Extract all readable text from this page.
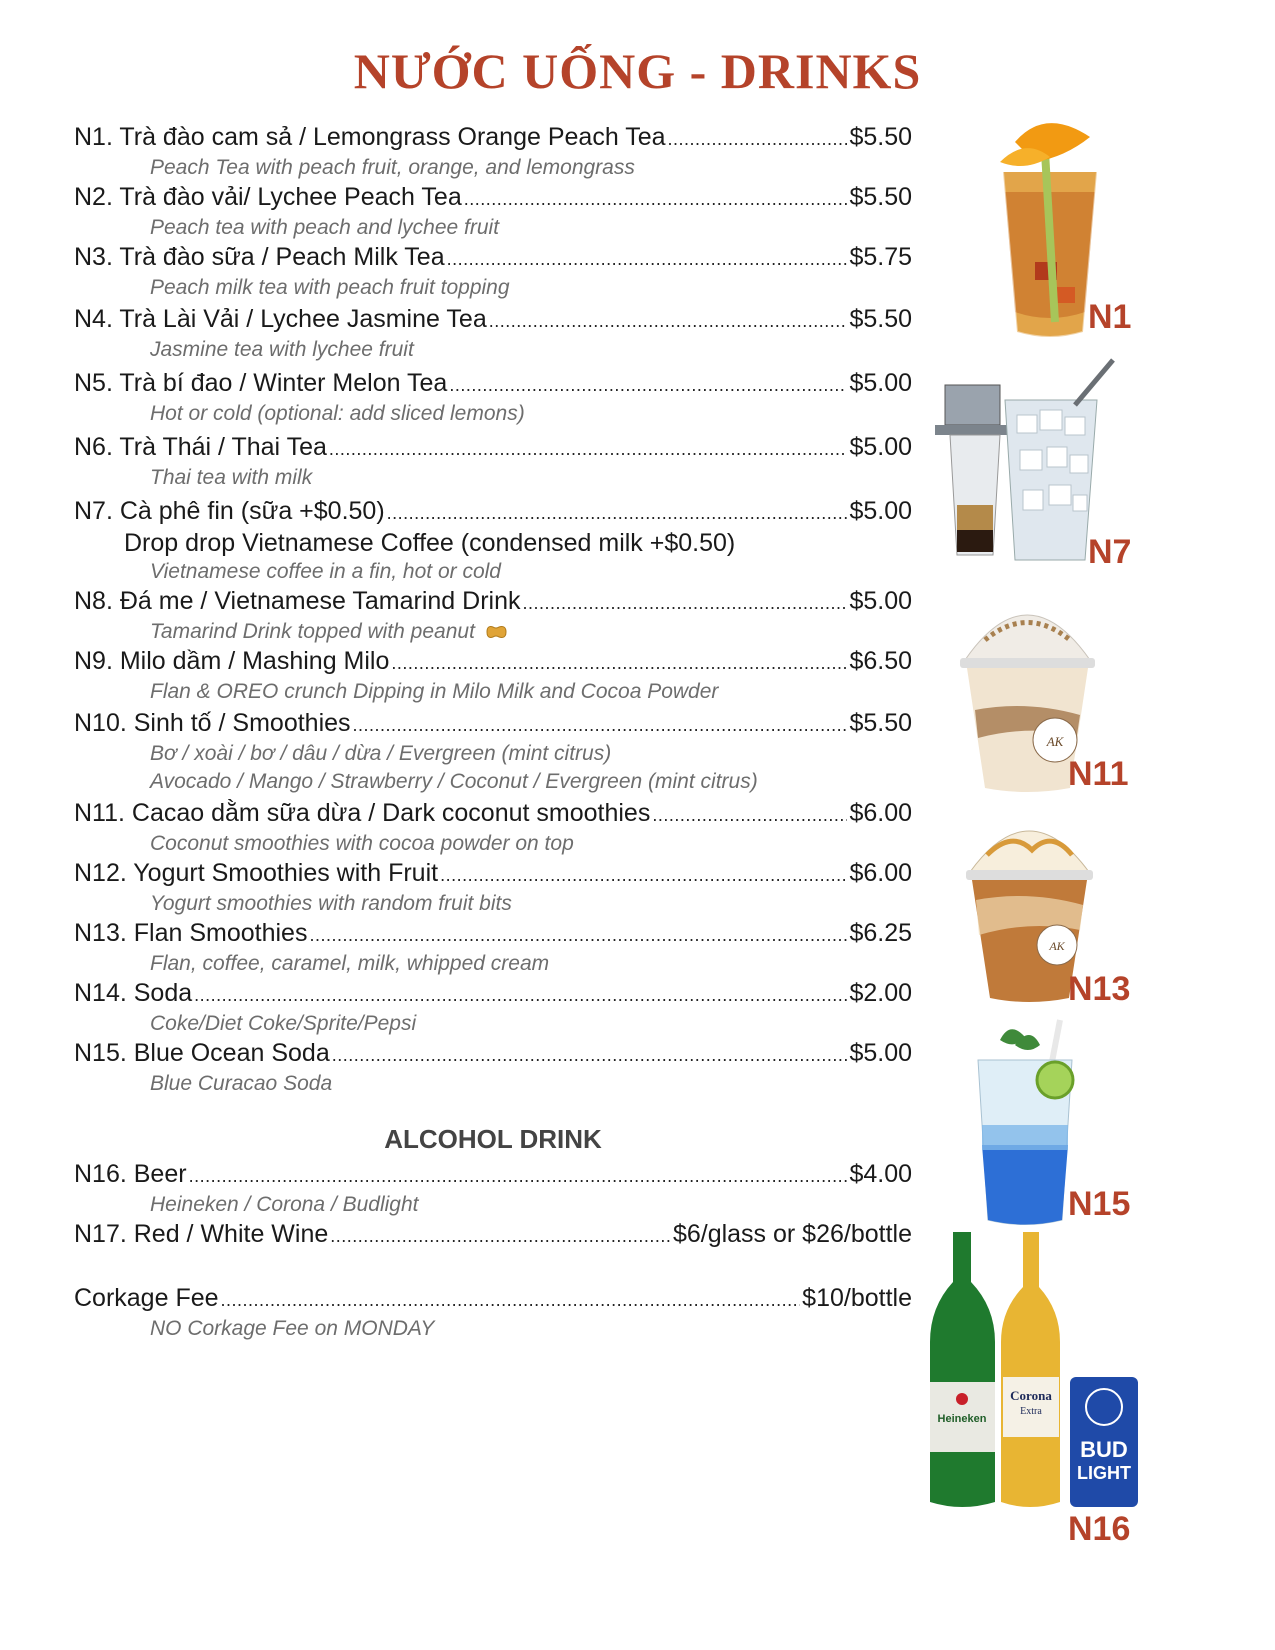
NƯỚC UỐNG - DRINKS
N1. Trà đào cam sả / Lemongrass Orange Peach Tea .....	$5.50
Peach Tea with peach fruit, orange, and lemongrass
N2. Trà đào vải/ Lychee Peach Tea .....	$5.50
Peach tea with peach and lychee fruit
N3. Trà đào sữa / Peach Milk Tea .....	$5.75
Peach milk tea with peach fruit topping
N4. Trà Lài Vải / Lychee Jasmine Tea .....	$5.50
Jasmine tea with lychee fruit
N5. Trà bí đao / Winter Melon Tea .....	$5.00
Hot or cold (optional: add sliced lemons)
N6. Trà Thái / Thai Tea .....	$5.00
Thai tea with milk
N7. Cà phê fin (sữa +$0.50) .....	$5.00
Drop drop Vietnamese Coffee (condensed milk +$0.50)
Vietnamese coffee in a fin, hot or cold
N8. Đá me / Vietnamese Tamarind Drink .....	$5.00
Tamarind Drink topped with peanut
N9. Milo dầm / Mashing Milo .....	$6.50
Flan & OREO crunch Dipping in Milo Milk and Cocoa Powder
N10. Sinh tố / Smoothies .....	$5.50
Bơ / xoài / bơ / dâu / dừa / Evergreen (mint citrus)
Avocado / Mango / Strawberry / Coconut / Evergreen (mint citrus)
N11. Cacao dằm sữa dừa / Dark coconut smoothies .....	$6.00
Coconut smoothies with cocoa powder on top
N12. Yogurt Smoothies with Fruit .....	$6.00
Yogurt smoothies with random fruit bits
N13. Flan Smoothies .....	$6.25
Flan, coffee, caramel, milk, whipped cream
N14. Soda .....	$2.00
Coke/Diet Coke/Sprite/Pepsi
N15. Blue Ocean Soda .....	$5.00
Blue Curacao Soda
ALCOHOL DRINK
N16. Beer .....	$4.00
Heineken / Corona / Budlight
N17. Red / White Wine .....	$6/glass or $26/bottle
Corkage Fee .....	$10/bottle
NO Corkage Fee on MONDAY
N1
N7
AK
N11
AK
N13
N15
Heineken
Corona
Extra
BUD
LIGHT
N16
